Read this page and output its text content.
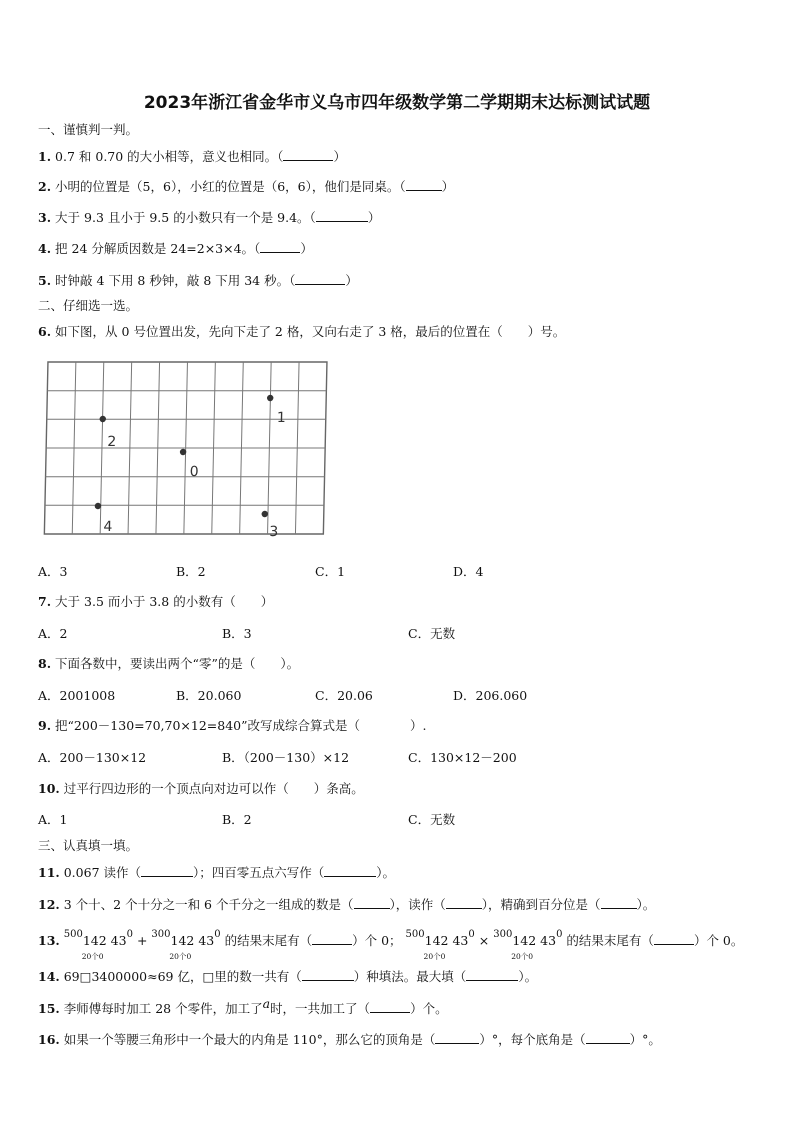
2023年浙江省金华市义乌市四年级数学第二学期期末达标测试试题
一、谨慎判一判。
1. 0.7 和 0.70 的大小相等，意义也相同。（	）
2. 小明的位置是（5，6），小红的位置是（6，6），他们是同桌。（	）
3. 大于 9.3 且小于 9.5 的小数只有一个是 9.4。（	）
4. 把 24 分解质因数是 24=2×3×4。（	）
5. 时钟敲 4 下用 8 秒钟，敲 8 下用 34 秒。（	）
二、仔细选一选。
6. 如下图，从 0 号位置出发，先向下走了 2 格，又向右走了 3 格，最后的位置在（　　）号。
1
2
0
4	3
A．3	B．2	C．1	D．4
7. 大于 3.5 而小于 3.8 的小数有（　　）
A．2	B．3	C．无数
8. 下面各数中，要读出两个“零”的是（　　）。
A．2001008	B．20.060	C．20.06	D．206.060
9. 把“200－130=70,70×12=840”改写成综合算式是（　　　　）.
A．200－130×12	B．（200－130）×12	C．130×12－200
10. 过平行四边形的一个顶点向对边可以作（　　）条高。
A．1	B．2	C．无数
三、认真填一填。
11. 0.067 读作（	）；四百零五点六写作（	）。
12. 3 个十、2 个十分之一和 6 个千分之一组成的数是（	），读作（	），精确到百分位是（	）。
13. $^{500}$142 $43^0$
20个0
+ $^{300}$142 $43^0$
20个0
的结果末尾有（	）个 0； $^{500}$142 $43^0$
20个0
× $^{300}$142 $43^0$
20个0
的结果末尾有（	）个 0。
14. 69□3400000≈69 亿，□里的数一共有（	）种填法。最大填（	）。
15. 李师傅每时加工 28 个零件，加工了a时，一共加工了（	）个。
16. 如果一个等腰三角形中一个最大的内角是 110°，那么它的顶角是（	）°，每个底角是（	）°。
